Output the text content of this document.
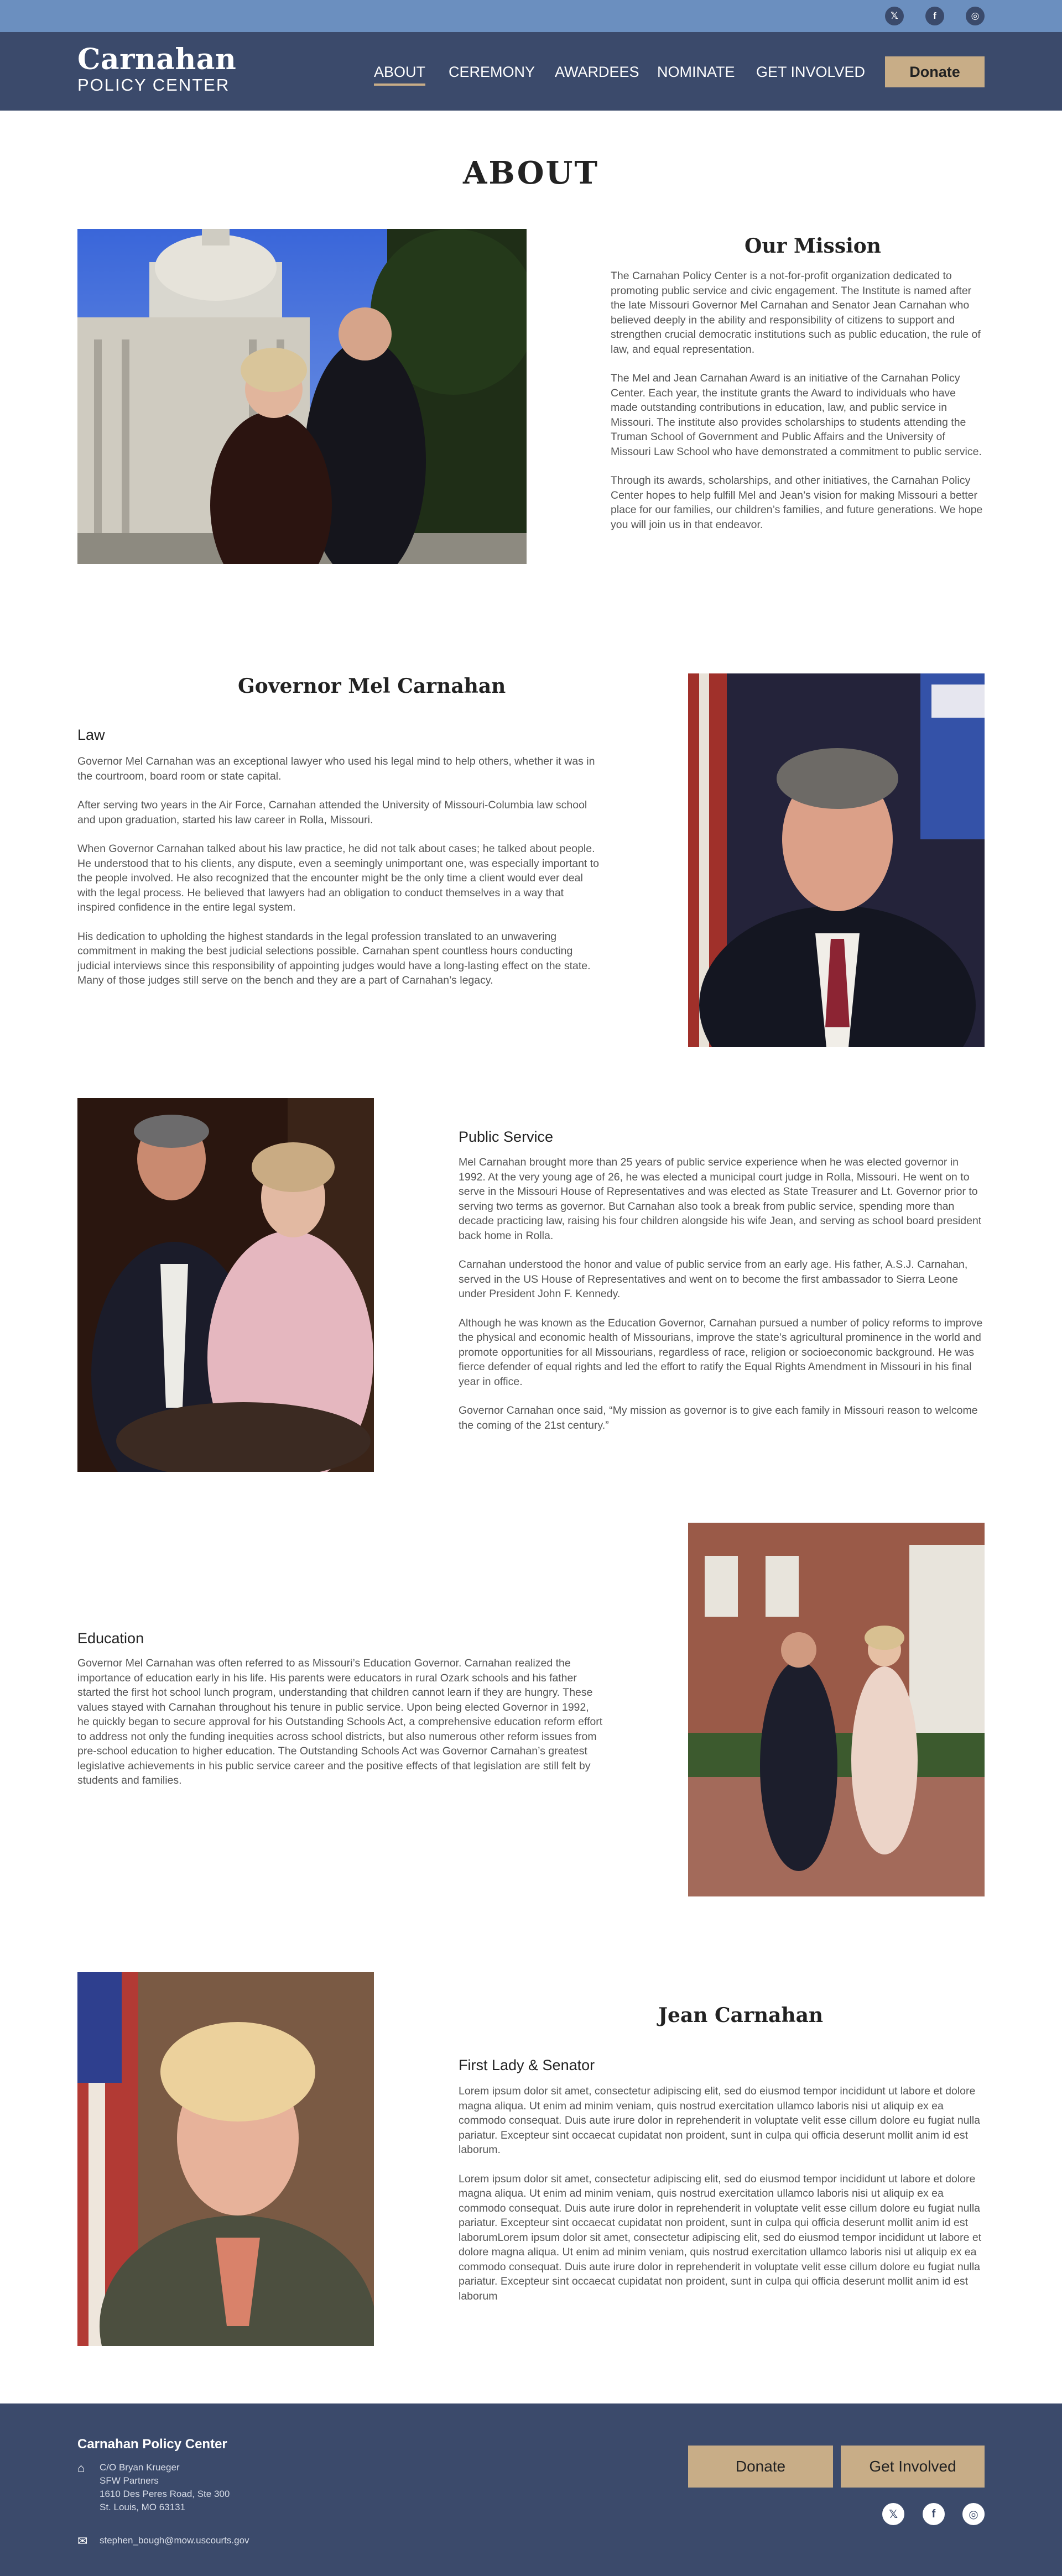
𝕏	f	◎
Carnahan
POLICY CENTER
ABOUT CEREMONY AWARDEES NOMINATE GET INVOLVED	Donate
ABOUT
Our Mission

The Carnahan Policy Center is a not-for-profit organization dedicated to promoting public service and civic engagement. The Institute is named after the late Missouri Governor Mel Carnahan and Senator Jean Carnahan who believed deeply in the ability and responsibility of citizens to support and strengthen crucial democratic institutions such as public education, the rule of law, and equal representation.

The Mel and Jean Carnahan Award is an initiative of the Carnahan Policy Center. Each year, the institute grants the Award to individuals who have made outstanding contributions in education, law, and public service in Missouri. The institute also provides scholarships to students attending the Truman School of Government and Public Affairs and the University of Missouri Law School who have demonstrated a commitment to public service.

Through its awards, scholarships, and other initiatives, the Carnahan Policy Center hopes to help fulfill Mel and Jean’s vision for making Missouri a better place for our families, our children’s families, and future generations. We hope you will join us in that endeavor.

Governor Mel Carnahan
Law

Governor Mel Carnahan was an exceptional lawyer who used his legal mind to help others, whether it was in the courtroom, board room or state capital.

After serving two years in the Air Force, Carnahan attended the University of Missouri-Columbia law school and upon graduation, started his law career in Rolla, Missouri.

When Governor Carnahan talked about his law practice, he did not talk about cases; he talked about people. He understood that to his clients, any dispute, even a seemingly unimportant one, was especially important to the people involved. He also recognized that the encounter might be the only time a client would ever deal with the legal process. He believed that lawyers had an obligation to conduct themselves in a way that inspired confidence in the entire legal system.

His dedication to upholding the highest standards in the legal profession translated to an unwavering commitment in making the best judicial selections possible. Carnahan spent countless hours conducting judicial interviews since this responsibility of appointing judges would have a long-lasting effect on the state. Many of those judges still serve on the bench and they are a part of Carnahan’s legacy.

Public Service

Mel Carnahan brought more than 25 years of public service experience when he was elected governor in 1992. At the very young age of 26, he was elected a municipal court judge in Rolla, Missouri. He went on to serve in the Missouri House of Representatives and was elected as State Treasurer and Lt. Governor prior to serving two terms as governor. But Carnahan also took a break from public service, spending more than decade practicing law, raising his four children alongside his wife Jean, and serving as school board president back home in Rolla.

Carnahan understood the honor and value of public service from an early age. His father, A.S.J. Carnahan, served in the US House of Representatives and went on to become the first ambassador to Sierra Leone under President John F. Kennedy.

Although he was known as the Education Governor, Carnahan pursued a number of policy reforms to improve the physical and economic health of Missourians, improve the state’s agricultural prominence in the world and promote opportunities for all Missourians, regardless of race, religion or socioeconomic background. He was fierce defender of equal rights and led the effort to ratify the Equal Rights Amendment in Missouri in his final year in office.

Governor Carnahan once said, “My mission as governor is to give each family in Missouri reason to welcome the coming of the 21st century.”

Education

Governor Mel Carnahan was often referred to as Missouri’s Education Governor. Carnahan realized the importance of education early in his life. His parents were educators in rural Ozark schools and his father started the first hot school lunch program, understanding that children cannot learn if they are hungry. These values stayed with Carnahan throughout his tenure in public service. Upon being elected Governor in 1992, he quickly began to secure approval for his Outstanding Schools Act, a comprehensive education reform effort to address not only the funding inequities across school districts, but also numerous other reform issues from pre-school education to higher education. The Outstanding Schools Act was Governor Carnahan’s greatest legislative achievements in his public service career and the positive effects of that legislation are still felt by students and families.

Jean Carnahan
First Lady & Senator

Lorem ipsum dolor sit amet, consectetur adipiscing elit, sed do eiusmod tempor incididunt ut labore et dolore magna aliqua. Ut enim ad minim veniam, quis nostrud exercitation ullamco laboris nisi ut aliquip ex ea commodo consequat. Duis aute irure dolor in reprehenderit in voluptate velit esse cillum dolore eu fugiat nulla pariatur. Excepteur sint occaecat cupidatat non proident, sunt in culpa qui officia deserunt mollit anim id est laborum.

Lorem ipsum dolor sit amet, consectetur adipiscing elit, sed do eiusmod tempor incididunt ut labore et dolore magna aliqua. Ut enim ad minim veniam, quis nostrud exercitation ullamco laboris nisi ut aliquip ex ea commodo consequat. Duis aute irure dolor in reprehenderit in voluptate velit esse cillum dolore eu fugiat nulla pariatur. Excepteur sint occaecat cupidatat non proident, sunt in culpa qui officia deserunt mollit anim id est laborumLorem ipsum dolor sit amet, consectetur adipiscing elit, sed do eiusmod tempor incididunt ut labore et dolore magna aliqua. Ut enim ad minim veniam, quis nostrud exercitation ullamco laboris nisi ut aliquip ex ea commodo consequat. Duis aute irure dolor in reprehenderit in voluptate velit esse cillum dolore eu fugiat nulla pariatur. Excepteur sint occaecat cupidatat non proident, sunt in culpa qui officia deserunt mollit anim id est laborum

Carnahan Policy Center
⌂ C/O Bryan Krueger
SFW Partners
1610 Des Peres Road, Ste 300
St. Louis, MO 63131
✉ stephen_bough@mow.uscourts.gov
Donate	Get Involved
𝕏	f	◎
